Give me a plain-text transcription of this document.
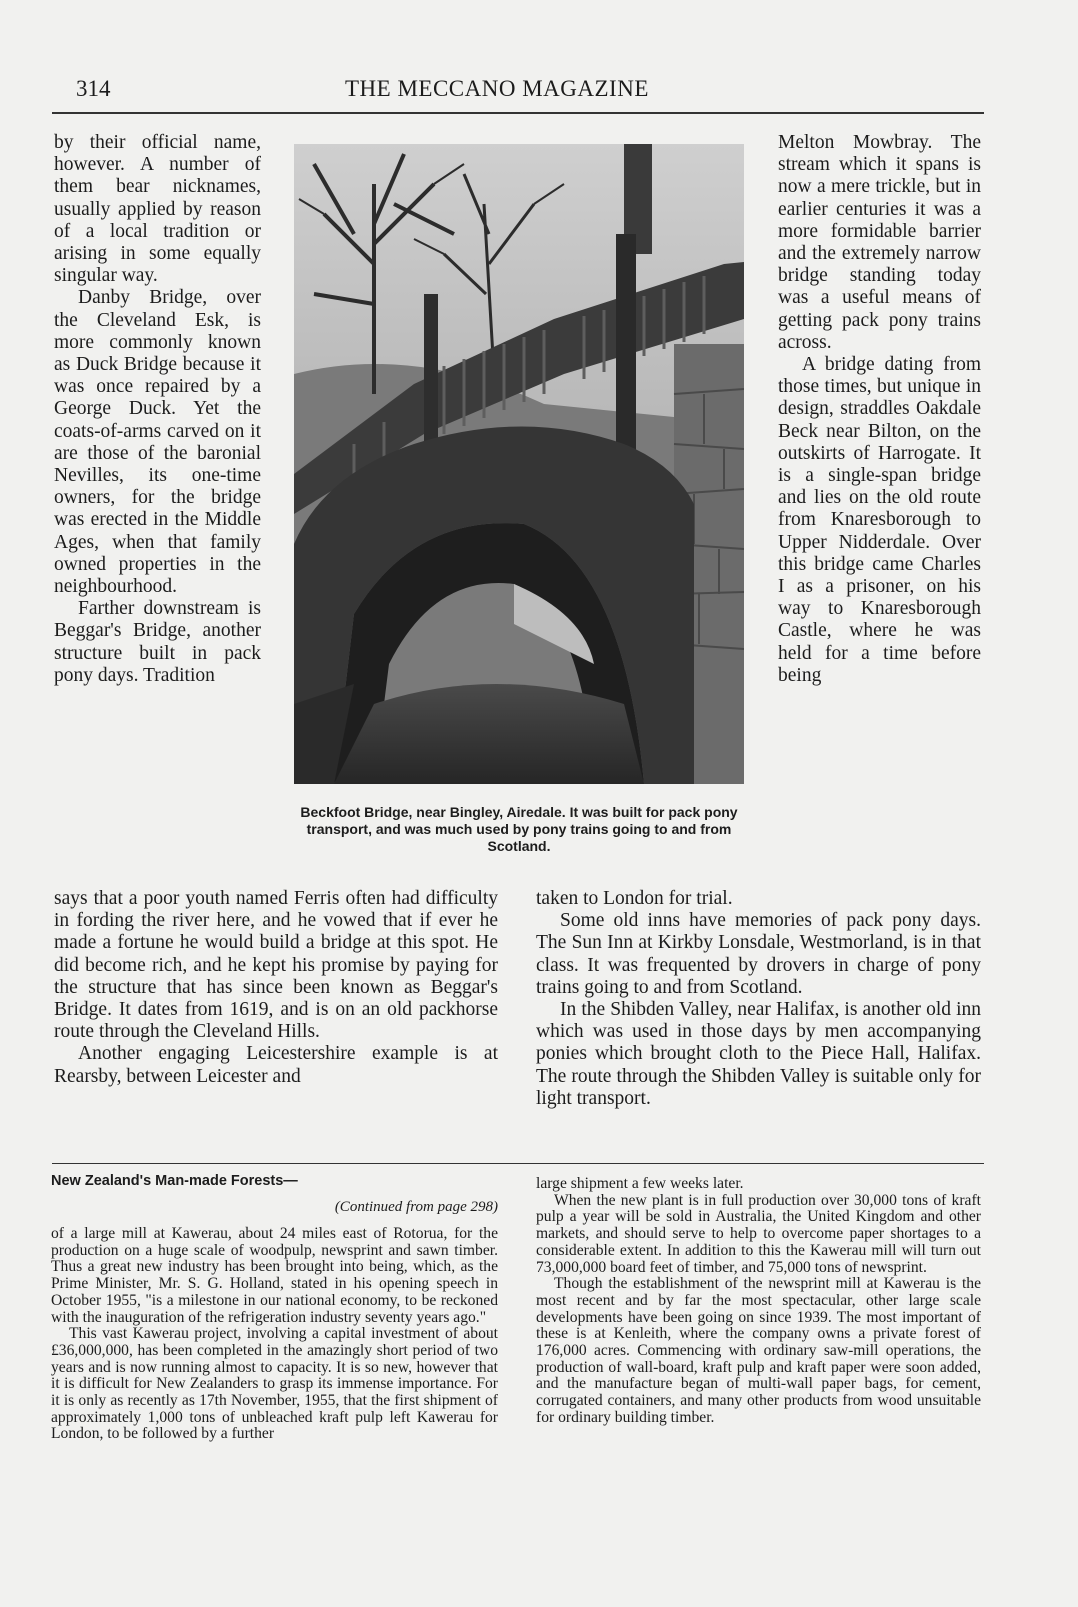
314	THE MECCANO MAGAZINE

by their official name, however. A number of them bear nicknames, usually applied by reason of a local tradition or arising in some equally singular way.

Danby Bridge, over the Cleveland Esk, is more commonly known as Duck Bridge because it was once repaired by a George Duck. Yet the coats-of-arms carved on it are those of the baronial Nevilles, its one-time owners, for the bridge was erected in the Middle Ages, when that family owned properties in the neighbourhood.

Farther downstream is Beggar's Bridge, another structure built in pack pony days. Tradition

Beckfoot Bridge, near Bingley, Airedale. It was built for pack pony transport, and was much used by pony trains going to and from Scotland.

Melton Mowbray. The stream which it spans is now a mere trickle, but in earlier centuries it was a more formidable barrier and the extremely narrow bridge standing today was a useful means of getting pack pony trains across.

A bridge dating from those times, but unique in design, straddles Oakdale Beck near Bilton, on the outskirts of Harrogate. It is a single-span bridge and lies on the old route from Knaresborough to Upper Nidderdale. Over this bridge came Charles I as a prisoner, on his way to Knaresborough Castle, where he was held for a time before being

says that a poor youth named Ferris often had difficulty in fording the river here, and he vowed that if ever he made a fortune he would build a bridge at this spot. He did become rich, and he kept his promise by paying for the structure that has since been known as Beggar's Bridge. It dates from 1619, and is on an old packhorse route through the Cleveland Hills.

Another engaging Leicestershire example is at Rearsby, between Leicester and

taken to London for trial.

Some old inns have memories of pack pony days. The Sun Inn at Kirkby Lonsdale, Westmorland, is in that class. It was frequented by drovers in charge of pony trains going to and from Scotland.

In the Shibden Valley, near Halifax, is another old inn which was used in those days by men accompanying ponies which brought cloth to the Piece Hall, Halifax. The route through the Shibden Valley is suitable only for light transport.

New Zealand's Man-made Forests—
(Continued from page 298)

of a large mill at Kawerau, about 24 miles east of Rotorua, for the production on a huge scale of woodpulp, newsprint and sawn timber. Thus a great new industry has been brought into being, which, as the Prime Minister, Mr. S. G. Holland, stated in his opening speech in October 1955, "is a milestone in our national economy, to be reckoned with the inauguration of the refrigeration industry seventy years ago."

This vast Kawerau project, involving a capital investment of about £36,000,000, has been completed in the amazingly short period of two years and is now running almost to capacity. It is so new, however that it is difficult for New Zealanders to grasp its immense importance. For it is only as recently as 17th November, 1955, that the first shipment of approximately 1,000 tons of unbleached kraft pulp left Kawerau for London, to be followed by a further

large shipment a few weeks later.

When the new plant is in full production over 30,000 tons of kraft pulp a year will be sold in Australia, the United Kingdom and other markets, and should serve to help to overcome paper shortages to a considerable extent. In addition to this the Kawerau mill will turn out 73,000,000 board feet of timber, and 75,000 tons of newsprint.

Though the establishment of the newsprint mill at Kawerau is the most recent and by far the most spectacular, other large scale developments have been going on since 1939. The most important of these is at Kenleith, where the company owns a private forest of 176,000 acres. Commencing with ordinary saw-mill operations, the production of wall-board, kraft pulp and kraft paper were soon added, and the manufacture began of multi-wall paper bags, for cement, corrugated containers, and many other products from wood unsuitable for ordinary building timber.
